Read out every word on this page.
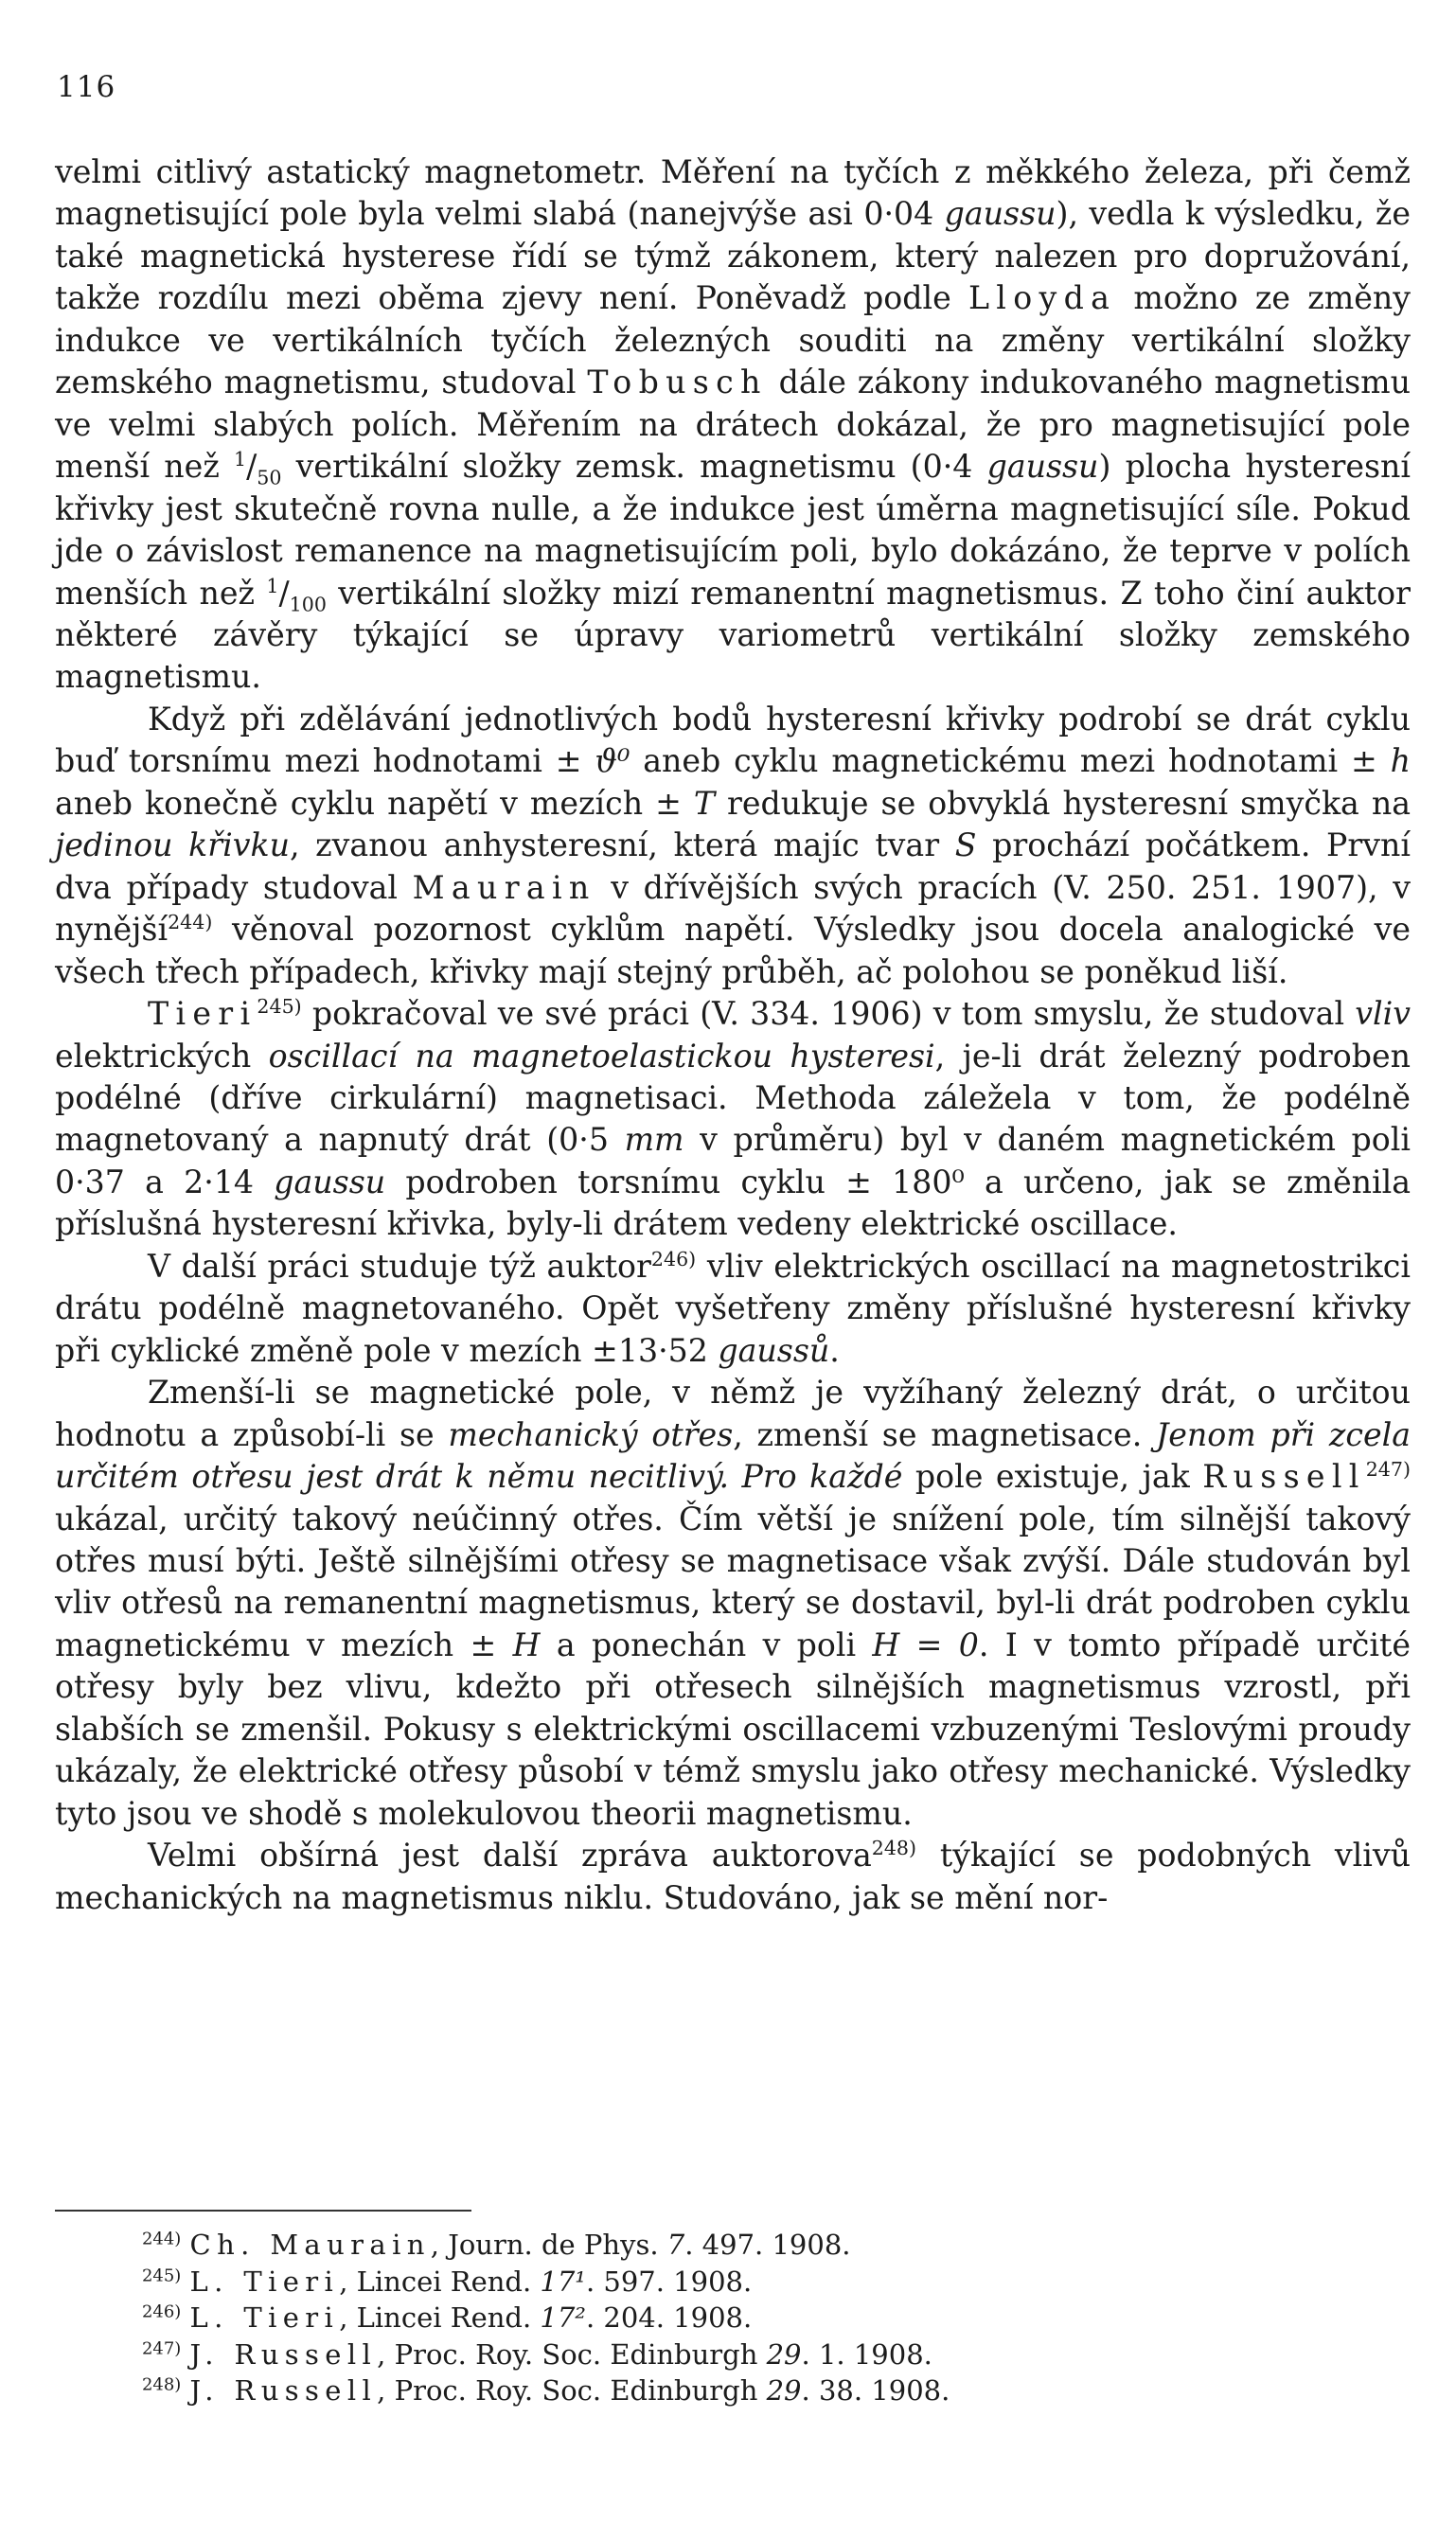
116

velmi citlivý astatický magnetometr. Měření na tyčích z měkkého železa, při čemž magnetisující pole byla velmi slabá (nanejvýše asi 0·04 gaussu), vedla k výsledku, že také magnetická hysterese řídí se týmž zákonem, který nalezen pro dopružování, takže rozdílu mezi oběma zjevy není. Poněvadž podle Lloyda možno ze změny indukce ve vertikálních tyčích železných souditi na změny vertikální složky zemského magnetismu, studoval Tobusch dále zákony indukovaného magnetismu ve velmi slabých polích. Měřením na drátech dokázal, že pro magnetisující pole menší než $^1/_{50}$ vertikální složky zemsk. magnetismu (0·4 gaussu) plocha hysteresní křivky jest skutečně rovna nulle, a že indukce jest úměrna magnetisující síle. Pokud jde o závislost remanence na magnetisujícím poli, bylo dokázáno, že teprve v polích menších než $^1/_{100}$ vertikální složky mizí remanentní magnetismus. Z toho činí auktor některé závěry týkající se úpravy variometrů vertikální složky zemského magnetismu.

Když při zdělávání jednotlivých bodů hysteresní křivky podrobí se drát cyklu buď torsnímu mezi hodnotami ± ϑ⁰ aneb cyklu magnetickému mezi hodnotami ± h aneb konečně cyklu napětí v mezích ± T redukuje se obvyklá hysteresní smyčka na jedinou křivku, zvanou anhysteresní, která majíc tvar S prochází počátkem. První dva případy studoval Maurain v dřívějších svých pracích (V. 250. 251. 1907), v nynější$^{244)}$ věnoval pozornost cyklům napětí. Výsledky jsou docela analogické ve všech třech případech, křivky mají stejný průběh, ač polohou se poněkud liší.

Tieri$^{245)}$ pokračoval ve své práci (V. 334. 1906) v tom smyslu, že studoval vliv elektrických oscillací na magnetoelastickou hysteresi, je-li drát železný podroben podélné (dříve cirkulární) magnetisaci. Methoda záležela v tom, že podélně magnetovaný a napnutý drát (0·5 mm v průměru) byl v daném magnetickém poli 0·37 a 2·14 gaussu podroben torsnímu cyklu ± 180⁰ a určeno, jak se změnila příslušná hysteresní křivka, byly-li drátem vedeny elektrické oscillace.

V další práci studuje týž auktor$^{246)}$ vliv elektrických oscillací na magnetostrikci drátu podélně magnetovaného. Opět vyšetřeny změny příslušné hysteresní křivky při cyklické změně pole v mezích ±13·52 gaussů.

Zmenší-li se magnetické pole, v němž je vyžíhaný železný drát, o určitou hodnotu a způsobí-li se mechanický otřes, zmenší se magnetisace. Jenom při zcela určitém otřesu jest drát k němu necitlivý. Pro každé pole existuje, jak Russell$^{247)}$ ukázal, určitý takový neúčinný otřes. Čím větší je snížení pole, tím silnější takový otřes musí býti. Ještě silnějšími otřesy se magnetisace však zvýší. Dále studován byl vliv otřesů na remanentní magnetismus, který se dostavil, byl-li drát podroben cyklu magnetickému v mezích ± H a ponechán v poli H = 0. I v tomto případě určité otřesy byly bez vlivu, kdežto při otřesech silnějších magnetismus vzrostl, při slabších se zmenšil. Pokusy s elektrickými oscillacemi vzbuzenými Teslovými proudy ukázaly, že elektrické otřesy působí v témž smyslu jako otřesy mechanické. Výsledky tyto jsou ve shodě s molekulovou theorii magnetismu.

Velmi obšírná jest další zpráva auktorova$^{248)}$ týkající se podobných vlivů mechanických na magnetismus niklu. Studováno, jak se mění nor-

$^{244)}$ Ch. Maurain, Journ. de Phys. 7. 497. 1908.
$^{245)}$ L. Tieri, Lincei Rend. 17¹. 597. 1908.
$^{246)}$ L. Tieri, Lincei Rend. 17². 204. 1908.
$^{247)}$ J. Russell, Proc. Roy. Soc. Edinburgh 29. 1. 1908.
$^{248)}$ J. Russell, Proc. Roy. Soc. Edinburgh 29. 38. 1908.
